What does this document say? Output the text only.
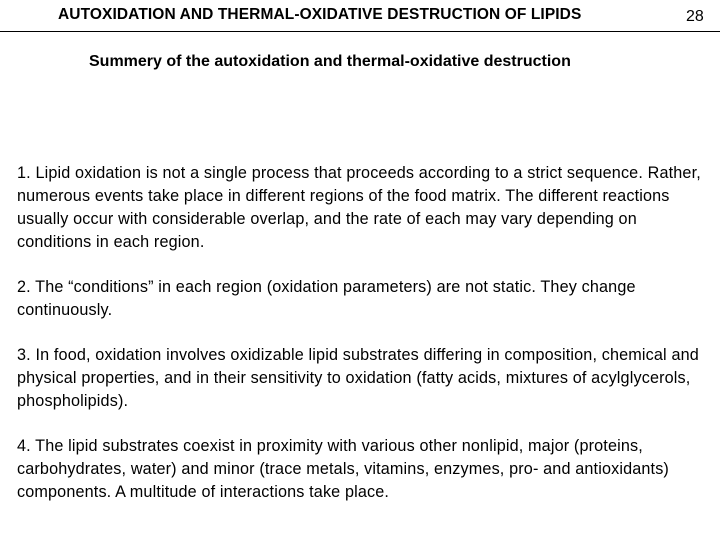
AUTOXIDATION AND THERMAL-OXIDATIVE DESTRUCTION OF LIPIDS	28
Summery of the autoxidation and thermal-oxidative destruction

1. Lipid oxidation is not a single process that proceeds according to a strict sequence. Rather, numerous events take place in different regions of the food matrix. The different reactions usually occur with considerable overlap, and the rate of each may vary depending on conditions in each region.

2. The “conditions” in each region (oxidation parameters) are not static. They change continuously.

3. In food, oxidation involves oxidizable lipid substrates differing in composition, chemical and physical properties, and in their sensitivity to oxidation (fatty acids, mixtures of acylglycerols, phospholipids).

4. The lipid substrates coexist in proximity with various other nonlipid, major (proteins, carbohydrates, water) and minor (trace metals, vitamins, enzymes, pro- and antioxidants) components. A multitude of interactions take place.
